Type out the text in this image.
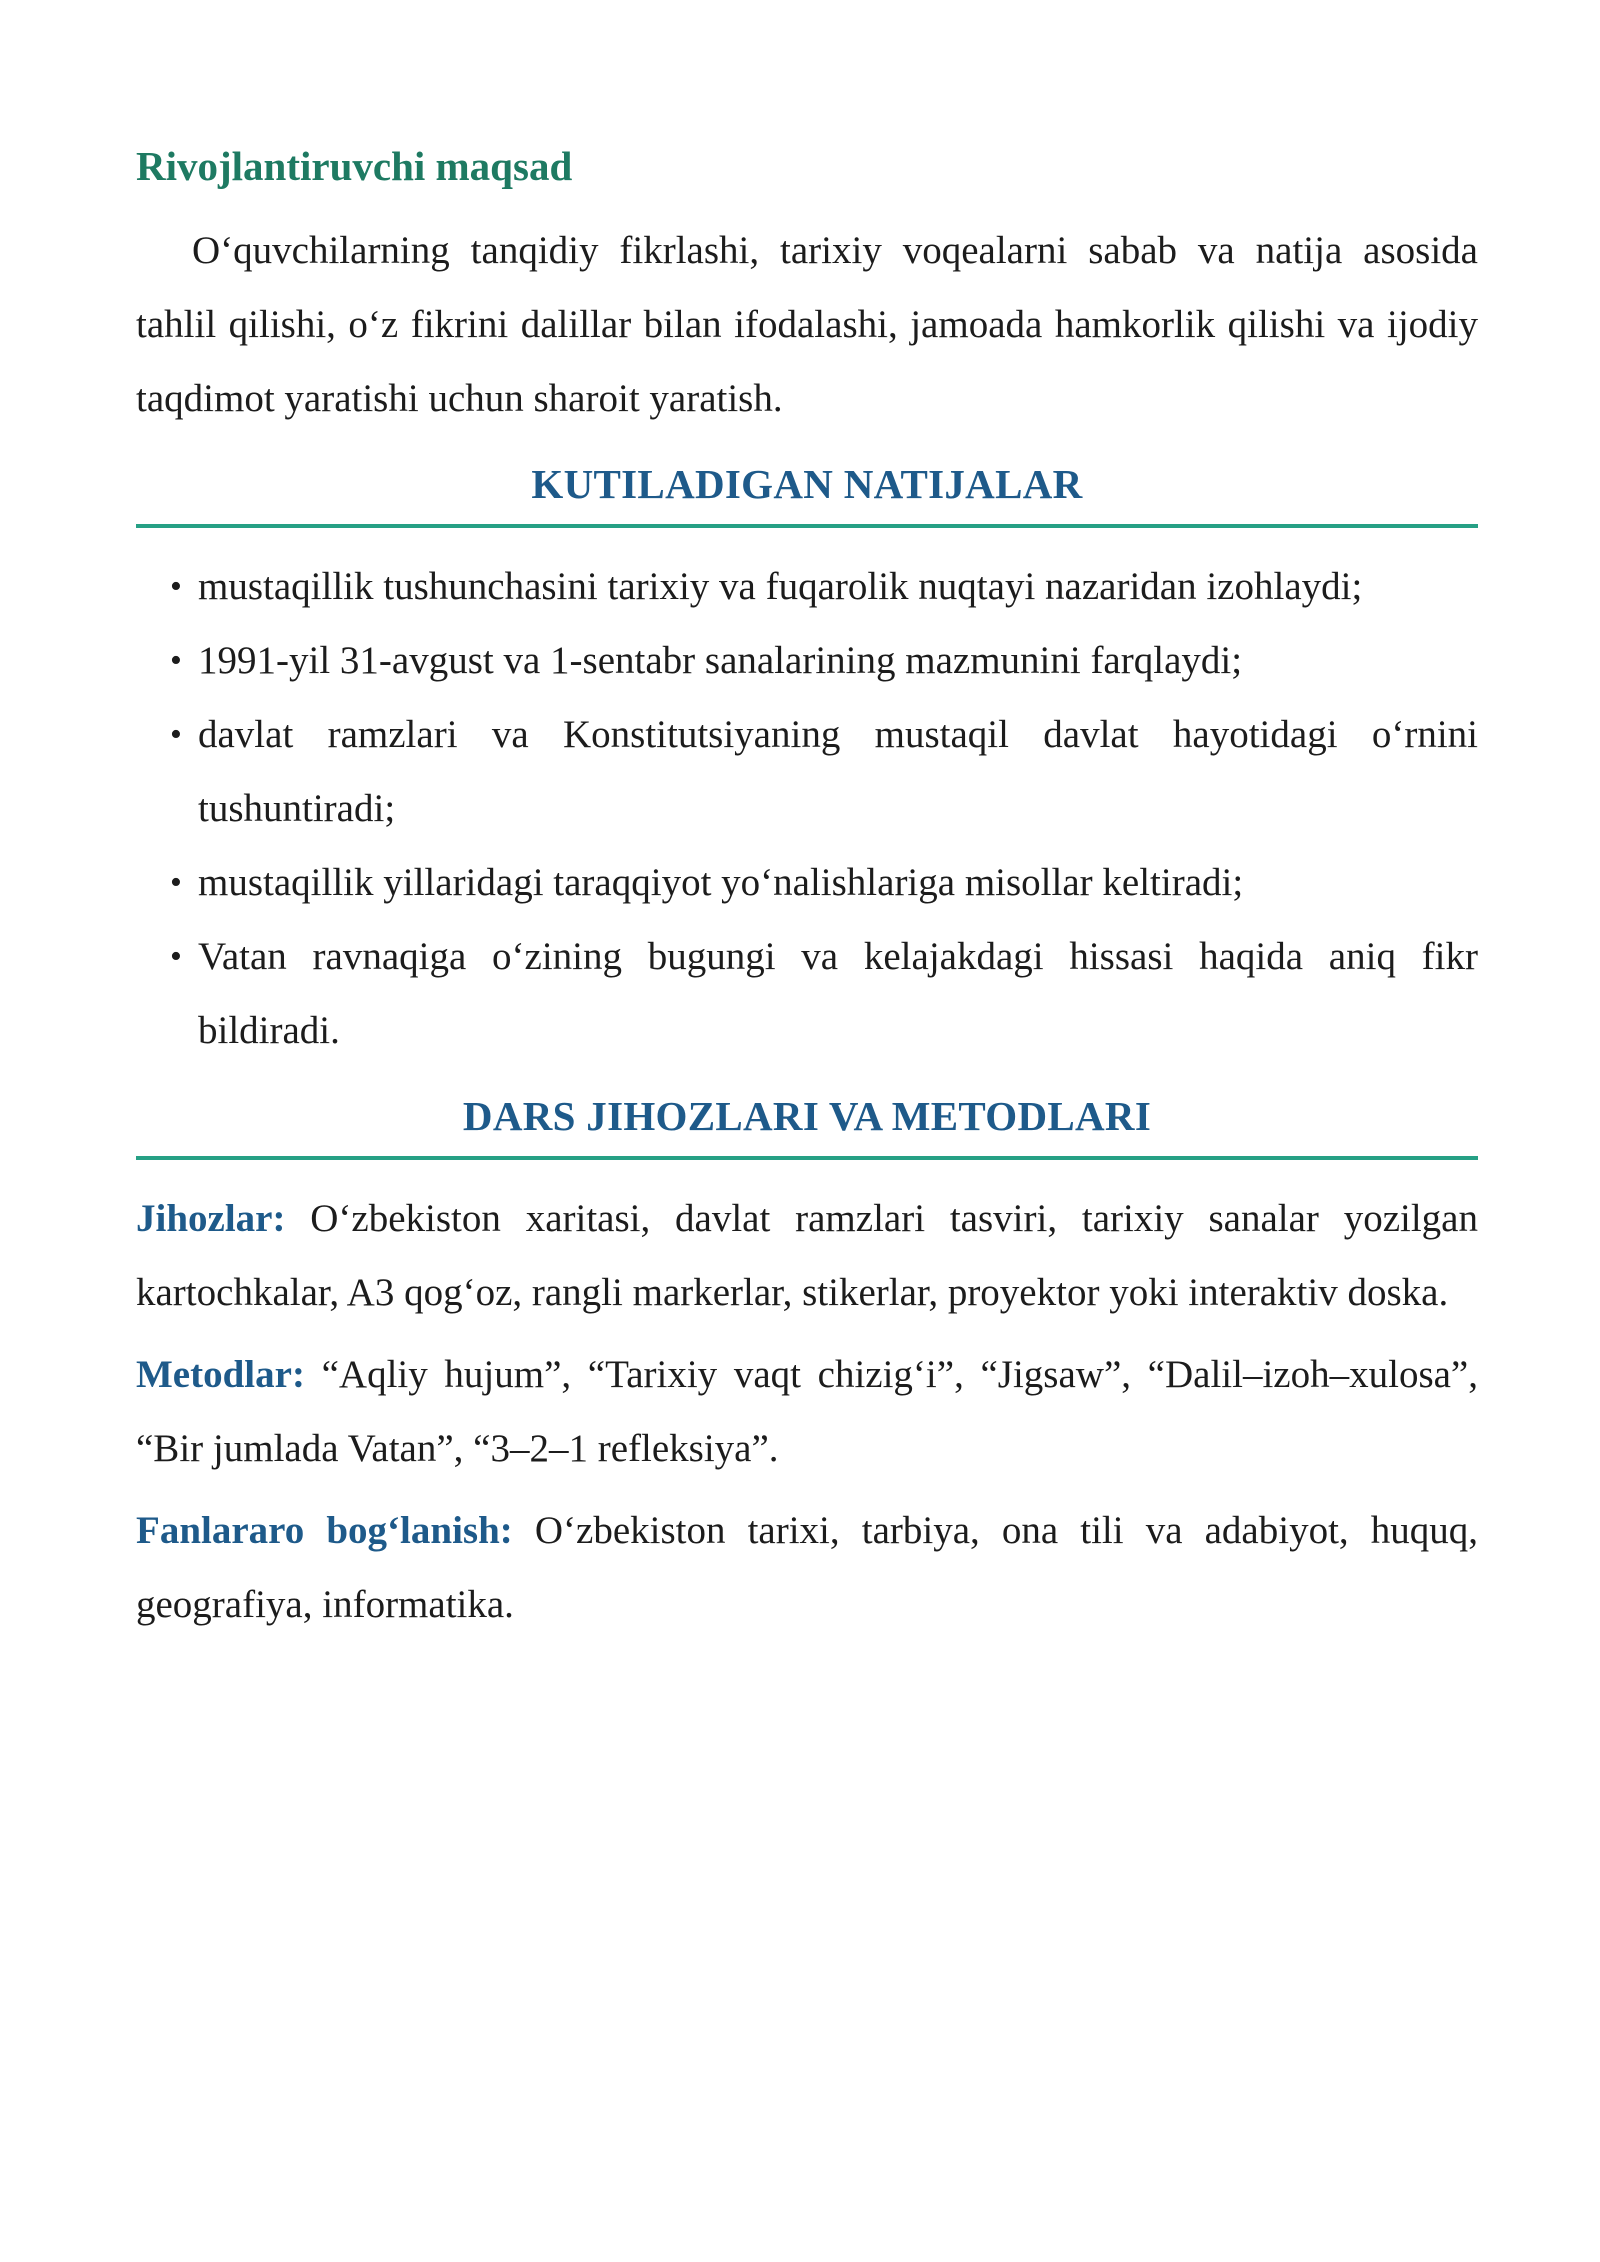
Rivojlantiruvchi maqsad

O‘quvchilarning tanqidiy fikrlashi, tarixiy voqealarni sabab va natija asosida tahlil qilishi, o‘z fikrini dalillar bilan ifodalashi, jamoada hamkorlik qilishi va ijodiy taqdimot yaratishi uchun sharoit yaratish.

KUTILADIGAN NATIJALAR
• mustaqillik tushunchasini tarixiy va fuqarolik nuqtayi nazaridan izohlaydi;
• 1991-yil 31-avgust va 1-sentabr sanalarining mazmunini farqlaydi;
• davlat ramzlari va Konstitutsiyaning mustaqil davlat hayotidagi o‘rnini tushuntiradi;
• mustaqillik yillaridagi taraqqiyot yo‘nalishlariga misollar keltiradi;
• Vatan ravnaqiga o‘zining bugungi va kelajakdagi hissasi haqida aniq fikr bildiradi.
DARS JIHOZLARI VA METODLARI

Jihozlar: O‘zbekiston xaritasi, davlat ramzlari tasviri, tarixiy sanalar yozilgan kartochkalar, A3 qog‘oz, rangli markerlar, stikerlar, proyektor yoki interaktiv doska.

Metodlar: “Aqliy hujum”, “Tarixiy vaqt chizig‘i”, “Jigsaw”, “Dalil–izoh–xulosa”, “Bir jumlada Vatan”, “3–2–1 refleksiya”.

Fanlararo bog‘lanish: O‘zbekiston tarixi, tarbiya, ona tili va adabiyot, huquq, geografiya, informatika.
